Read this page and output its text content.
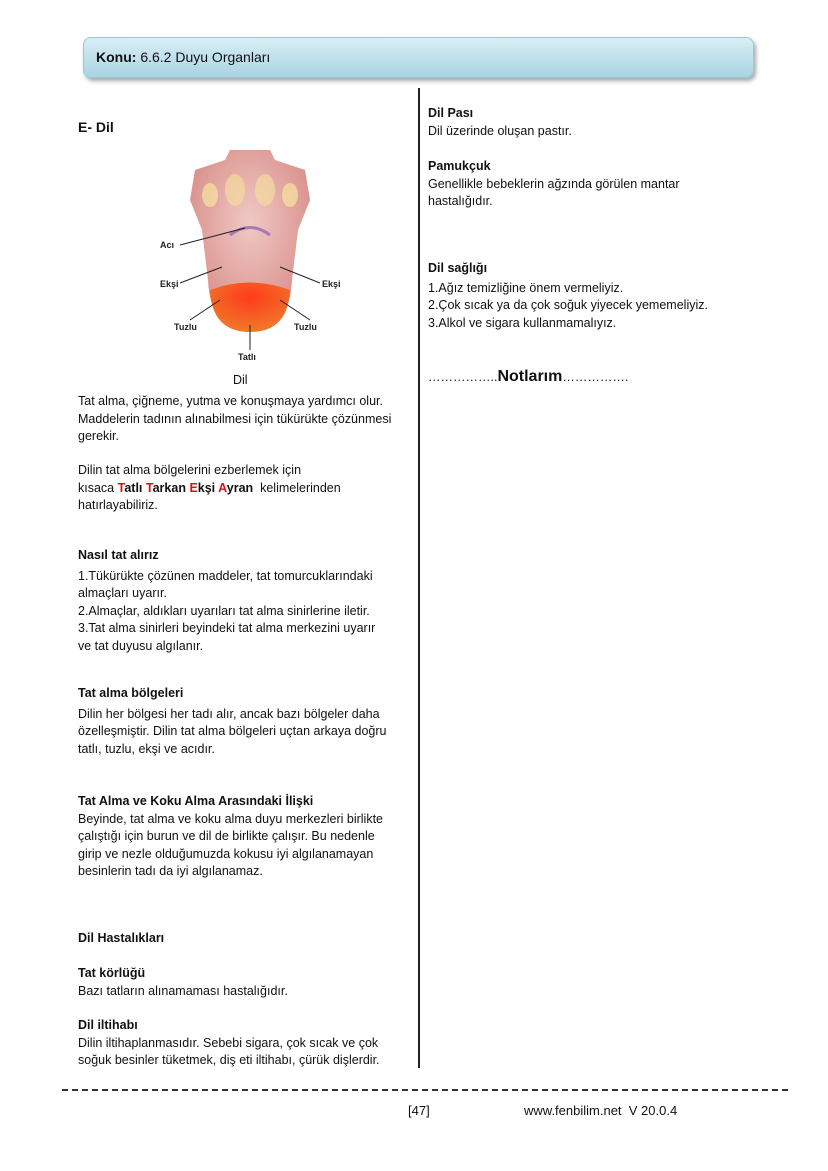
Konu: 6.6.2 Duyu Organları
E- Dil
Acı
Ekşi	Ekşi
Tuzlu	Tuzlu
Tatlı
Dil
Tat alma, çiğneme, yutma ve konuşmaya yardımcı olur.
Maddelerin tadının alınabilmesi için tükürükte çözünmesi
gerekir.
Dilin tat alma bölgelerini ezberlemek için
kısaca Tatlı Tarkan Ekşi Ayran  kelimelerinden
hatırlayabiliriz.
Nasıl tat alırız
1.Tükürükte çözünen maddeler, tat tomurcuklarındaki
almaçları uyarır.
2.Almaçlar, aldıkları uyarıları tat alma sinirlerine iletir.
3.Tat alma sinirleri beyindeki tat alma merkezini uyarır
ve tat duyusu algılanır.
Tat alma bölgeleri
Dilin her bölgesi her tadı alır, ancak bazı bölgeler daha
özelleşmiştir. Dilin tat alma bölgeleri uçtan arkaya doğru
tatlı, tuzlu, ekşi ve acıdır.
Tat Alma ve Koku Alma Arasındaki İlişki
Beyinde, tat alma ve koku alma duyu merkezleri birlikte
çalıştığı için burun ve dil de birlikte çalışır. Bu nedenle
girip ve nezle olduğumuzda kokusu iyi algılanamayan
besinlerin tadı da iyi algılanamaz.
Dil Hastalıkları
Tat körlüğü
Bazı tatların alınamaması hastalığıdır.
Dil iltihabı
Dilin iltihaplanmasıdır. Sebebi sigara, çok sıcak ve çok
soğuk besinler tüketmek, diş eti iltihabı, çürük dişlerdir.
Dil Pası
Dil üzerinde oluşan pastır.
Pamukçuk
Genellikle bebeklerin ağzında görülen mantar
hastalığıdır.
Dil sağlığı
1.Ağız temizliğine önem vermeliyiz.
2.Çok sıcak ya da çok soğuk yiyecek yememeliyiz.
3.Alkol ve sigara kullanmamalıyız.
……………..Notlarım…………….
[47]	www.fenbilim.net  V 20.0.4
